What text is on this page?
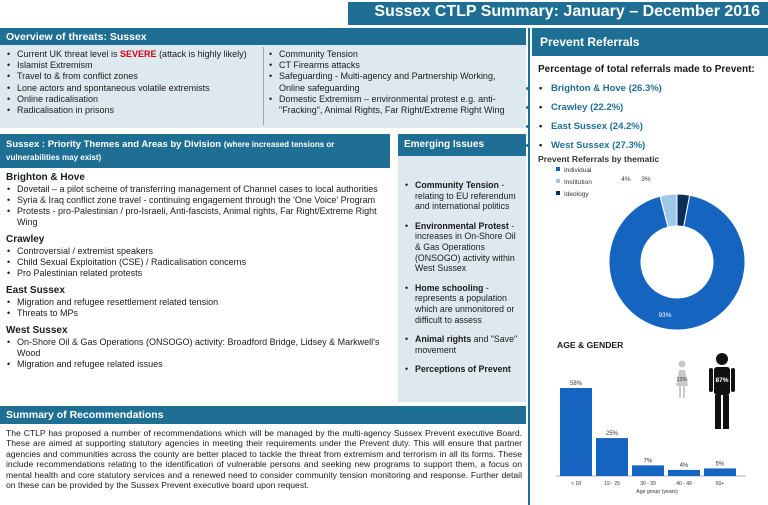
Sussex CTLP Summary: January – December 2016
Overview of threats: Sussex
• Current UK threat level is SEVERE (attack is highly likely)
• Islamist Extremism
• Travel to & from conflict zones
• Lone actors and spontaneous volatile extremists
• Online radicalisation
• Radicalisation in prisons
• Community Tension
• CT Firearms attacks
• Safeguarding - Multi-agency and Partnership Working, Online safeguarding
• Domestic Extremism – environmental protest e.g. anti-"Fracking", Animal Rights, Far Right/Extreme Right Wing
Sussex : Priority Themes and Areas by Division (where increased tensions or vulnerabilities may exist)
Brighton & Hove
• Dovetail – a pilot scheme of transferring management of Channel cases to local authorities
• Syria & Iraq conflict zone travel - continuing engagement through the 'One Voice' Program
• Protests - pro-Palestinian / pro-Israeli, Anti-fascists, Animal rights, Far Right/Extreme Right Wing
Crawley
• Controversial / extremist speakers
• Child Sexual Exploitation (CSE) / Radicalisation concerns
• Pro Palestinian related protests
East Sussex
• Migration and refugee resettlement related tension
• Threats to MPs
West Sussex
• On-Shore Oil & Gas Operations (ONSOGO) activity: Broadford Bridge, Lidsey & Markwell's Wood
• Migration and refugee related issues
Emerging Issues
• Community Tension - relating to EU referendum and international politics
• Environmental Protest - increases in On-Shore Oil & Gas Operations (ONSOGO) activity within West Sussex
• Home schooling - represents a population which are unmonitored or difficult to assess
• Animal rights and "Save" movement
• Perceptions of Prevent
Summary of Recommendations

The CTLP has proposed a number of recommendations which will be managed by the multi-agency Sussex Prevent executive Board. These are aimed at supporting statutory agencies in meeting their requirements under the Prevent duty. This will ensure that partner agencies and communities across the county are better placed to tackle the threat from extremism and terrorism in all its forms. These include recommendations relating to the identification of vulnerable persons and seeking new programs to support them, a focus on mental health and core statutory services and a renewed need to consider community tension monitoring and response. Further detail on these can be provided by the Sussex Prevent executive board upon request.

Prevent Referrals
Percentage of total referrals made to Prevent:
• • Brighton & Hove (26.3%)
• • Crawley (22.2%)
• • East Sussex (24.2%)
• • West Sussex (27.3%)
Prevent Referrals by thematic
Individual
Institution
Ideology
93%
4% 3%
AGE & GENDER
58%
< 18
25%
19 - 29
7%
30 - 39
4%
40 - 49
5%
50+
Age group (years)
13%	87%
